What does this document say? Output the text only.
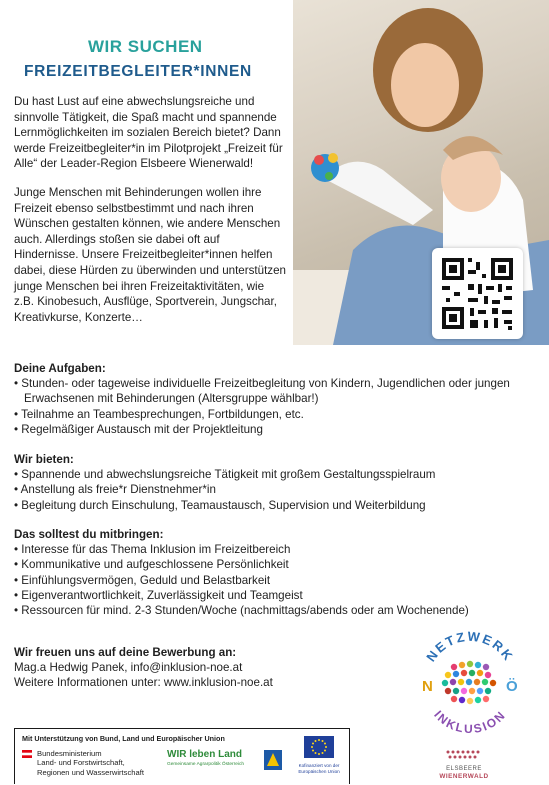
WIR SUCHEN
FREIZEITBEGLEITER*INNEN

Du hast Lust auf eine abwechslungsreiche und sinnvolle Tätigkeit, die Spaß macht und spannende Lernmöglichkeiten im sozialen Bereich bietet? Dann werde Freizeitbegleiter*in im Pilotprojekt „Freizeit für Alle“ der Leader-Region Elsbeere Wienerwald!

Junge Menschen mit Behinderungen wollen ihre Freizeit ebenso selbstbestimmt und nach ihren Wünschen gestalten können, wie andere Menschen auch. Allerdings stoßen sie dabei oft auf Hindernisse. Unsere Freizeitbegleiter*innen helfen dabei, diese Hürden zu überwinden und unterstützen junge Menschen bei ihren Freizeitaktivitäten, wie z.B. Kinobesuch, Ausflüge, Sportverein, Jungschar, Kreativkurse, Konzerte…

Deine Aufgaben:
• Stunden- oder tageweise individuelle Freizeitbegleitung von Kindern, Jugendlichen oder jungen Erwachsenen mit Behinderungen (Altersgruppe wählbar!)
• Teilnahme an Teambesprechungen, Fortbildungen, etc.
• Regelmäßiger Austausch mit der Projektleitung
Wir bieten:
• Spannende und abwechslungsreiche Tätigkeit mit großem Gestaltungsspielraum
• Anstellung als freie*r Dienstnehmer*in
• Begleitung durch Einschulung, Teamaustausch, Supervision und Weiterbildung
Das solltest du mitbringen:
• Interesse für das Thema Inklusion im Freizeitbereich
• Kommunikative und aufgeschlossene Persönlichkeit
• Einfühlungsvermögen, Geduld und Belastbarkeit
• Eigenverantwortlichkeit, Zuverlässigkeit und Teamgeist
• Ressourcen für mind. 2-3 Stunden/Woche (nachmittags/abends oder am Wochenende)
Wir freuen uns auf deine Bewerbung an:
Mag.a Hedwig Panek, info@inklusion-noe.at
Weitere Informationen unter: www.inklusion-noe.at
NETZWERK
INKLUSION
N	Ö
ELSBEERE
WIENERWALD
Mit Unterstützung von Bund, Land und Europäischer Union
Bundesministerium
Land- und Forstwirtschaft,
Regionen und Wasserwirtschaft
WIR leben Land
Gemeinsame Agrarpolitik Österreich	Kofinanziert von der
Europäischen Union
